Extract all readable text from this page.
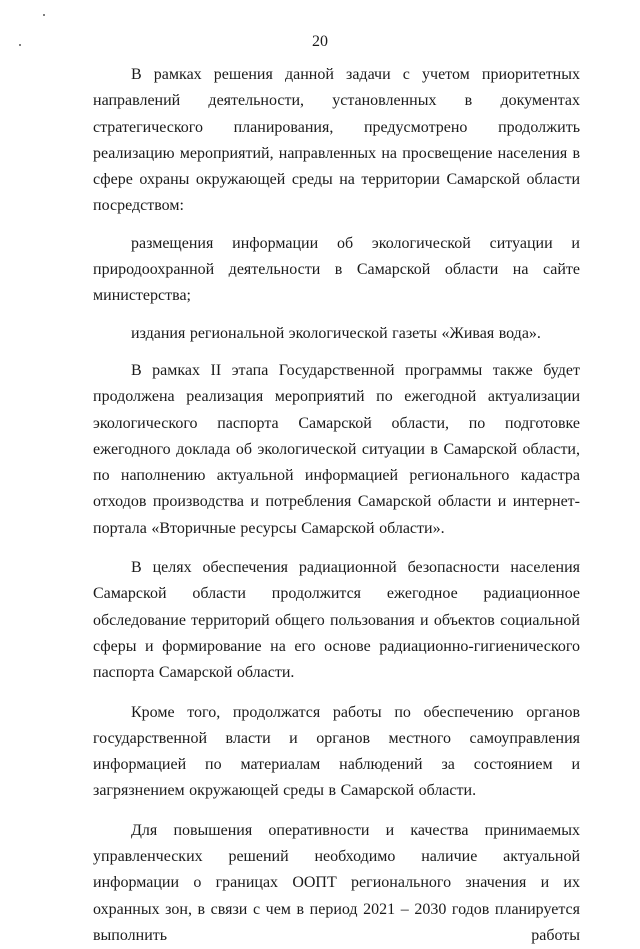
20

В рамках решения данной задачи с учетом приоритетных направлений деятельности, установленных в документах стратегического планирования, предусмотрено продолжить реализацию мероприятий, направленных на просвещение населения в сфере охраны окружающей среды на территории Самарской области посредством:

размещения информации об экологической ситуации и природоохранной деятельности в Самарской области на сайте министерства;

издания региональной экологической газеты «Живая вода».

В рамках II этапа Государственной программы также будет продолжена реализация мероприятий по ежегодной актуализации экологического паспорта Самарской области, по подготовке ежегодного доклада об экологической ситуации в Самарской области, по наполнению актуальной информацией регионального кадастра отходов производства и потребления Самарской области и интернет-портала «Вторичные ресурсы Самарской области».

В целях обеспечения радиационной безопасности населения Самарской области продолжится ежегодное радиационное обследование территорий общего пользования и объектов социальной сферы и формирование на его основе радиационно-гигиенического паспорта Самарской области.

Кроме того, продолжатся работы по обеспечению органов государственной власти и органов местного самоуправления информацией по материалам наблюдений за состоянием и загрязнением окружающей среды в Самарской области.

Для повышения оперативности и качества принимаемых управленческих решений необходимо наличие актуальной информации о границах ООПТ регионального значения и их охранных зон, в связи с чем в период 2021 – 2030 годов планируется выполнить работы
